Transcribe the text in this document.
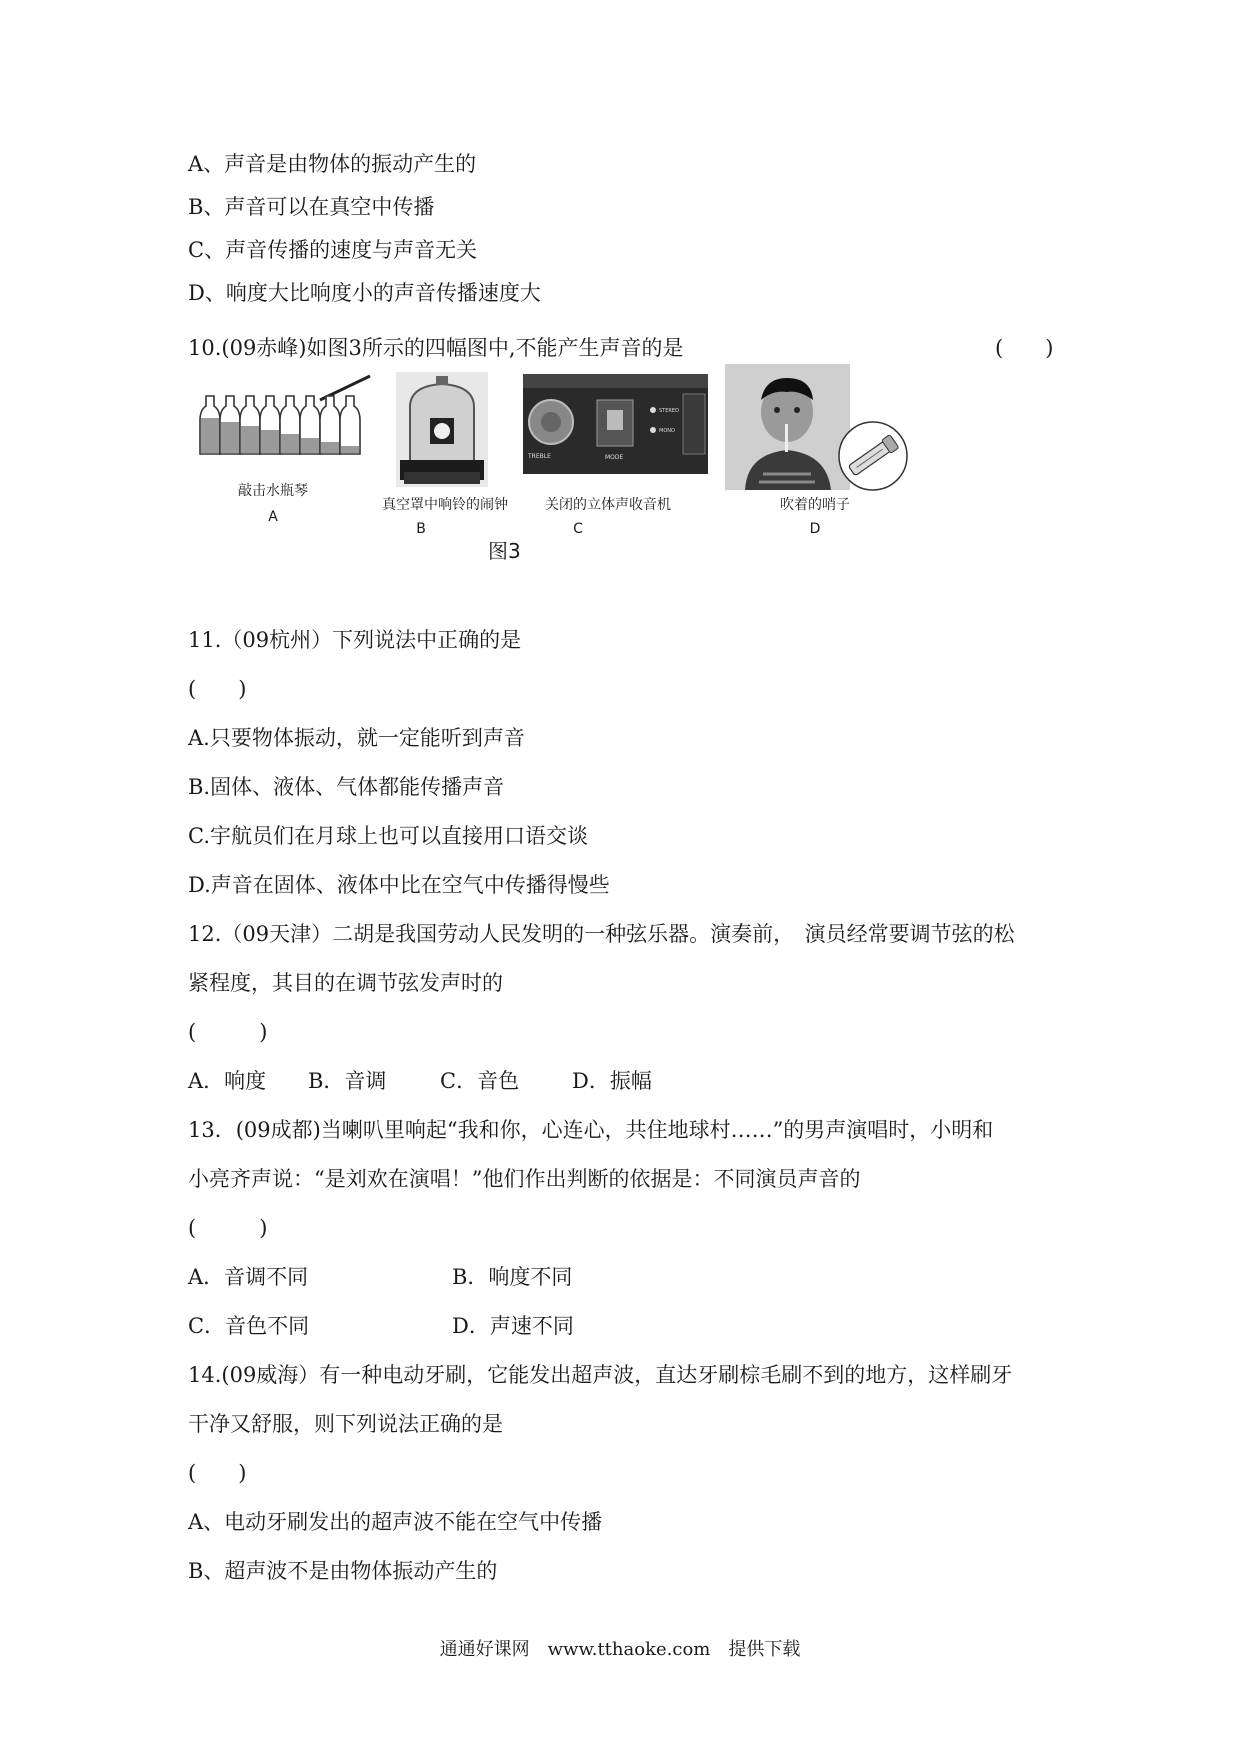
A、声音是由物体的振动产生的
B、声音可以在真空中传播
C、声音传播的速度与声音无关
D、响度大比响度小的声音传播速度大
10.(09赤峰)如图3所示的四幅图中,不能产生声音的是	(　　)
敲击水瓶琴
A
真空罩中响铃的闹钟
B
TREBLE	MODE
STEREO
MONO
关闭的立体声收音机
C
吹着的哨子
D
图3
11.（09杭州）下列说法中正确的是
(　　)
A.只要物体振动，就一定能听到声音
B.固体、液体、气体都能传播声音
C.宇航员们在月球上也可以直接用口语交谈
D.声音在固体、液体中比在空气中传播得慢些
12.（09天津）二胡是我国劳动人民发明的一种弦乐器。演奏前，　演员经常要调节弦的松
紧程度，其目的在调节弦发声时的
(　　　)
A．响度 B．音调	C．音色	D．振幅
13．(09成都)当喇叭里响起“我和你，心连心，共住地球村……”的男声演唱时，小明和
小亮齐声说：“是刘欢在演唱！”他们作出判断的依据是：不同演员声音的
(　　　)
A．音调不同	B．响度不同
C．音色不同	D．声速不同
14.(09威海）有一种电动牙刷，它能发出超声波，直达牙刷棕毛刷不到的地方，这样刷牙
干净又舒服，则下列说法正确的是
(　　)
A、电动牙刷发出的超声波不能在空气中传播
B、超声波不是由物体振动产生的
通通好课网　www.tthaoke.com　提供下载
